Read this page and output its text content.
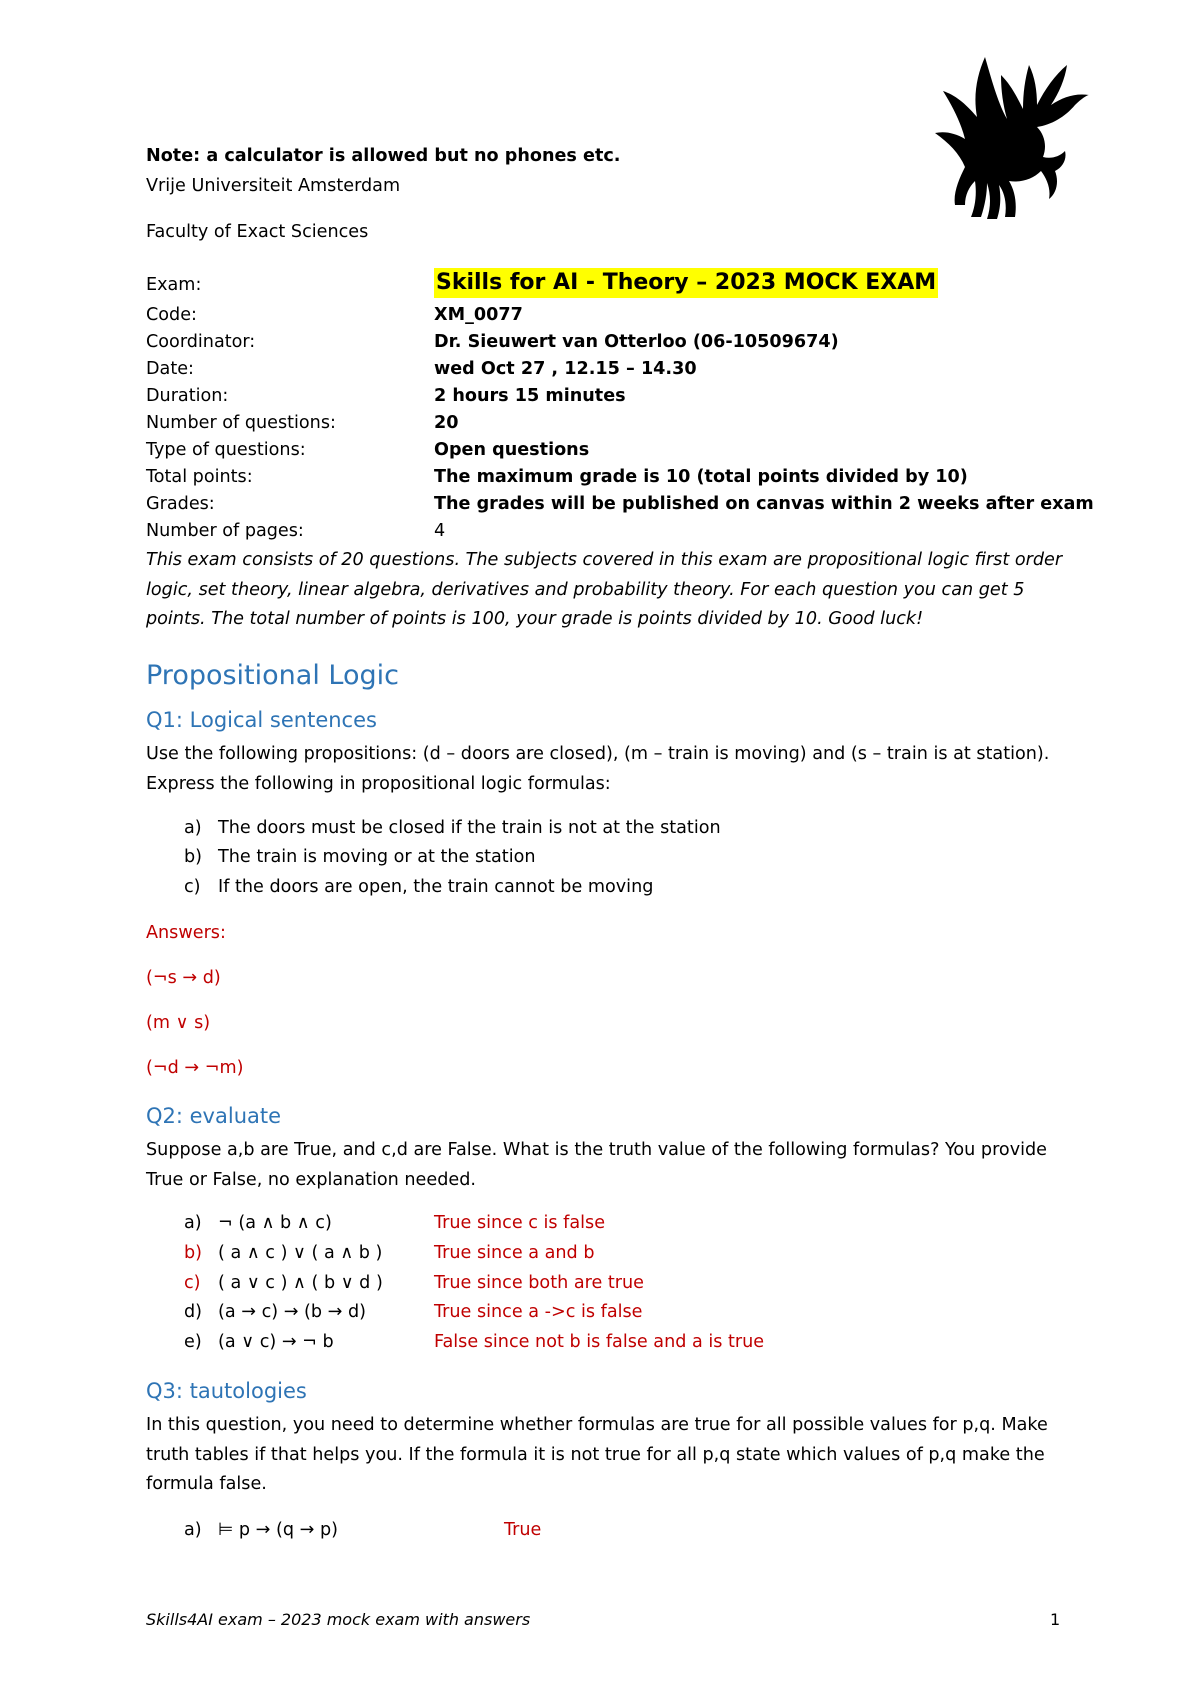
Note: a calculator is allowed but no phones etc.
Vrije Universiteit Amsterdam
Faculty of Exact Sciences
Exam:	Skills for AI - Theory – 2023 MOCK EXAM
Code:	XM_0077
Coordinator:	Dr. Sieuwert van Otterloo (06-10509674)
Date:	wed Oct 27 , 12.15 – 14.30
Duration:	2 hours 15 minutes
Number of questions:	20
Type of questions:	Open questions
Total points:	The maximum grade is 10 (total points divided by 10)
Grades:	The grades will be published on canvas within 2 weeks after exam
Number of pages:	4
This exam consists of 20 questions. The subjects covered in this exam are propositional logic first order logic, set theory, linear algebra, derivatives and probability theory. For each question you can get 5 points. The total number of points is 100, your grade is points divided by 10. Good luck!
Propositional Logic
Q1: Logical sentences
Use the following propositions: (d – doors are closed), (m – train is moving) and (s – train is at station). Express the following in propositional logic formulas:
a) The doors must be closed if the train is not at the station
b) The train is moving or at the station
c) If the doors are open, the train cannot be moving
Answers:
(¬s → d)
(m ∨ s)
(¬d → ¬m)
Q2: evaluate
Suppose a,b are True, and c,d are False. What is the truth value of the following formulas? You provide True or False, no explanation needed.
a) ¬ (a ∧ b ∧ c)	True since c is false
b) ( a ∧ c ) ∨ ( a ∧ b )	True since a and b
c) ( a ∨ c ) ∧ ( b ∨ d )	True since both are true
d) (a → c) → (b → d)	True since a ->c is false
e) (a ∨ c) → ¬ b	False since not b is false and a is true
Q3: tautologies
In this question, you need to determine whether formulas are true for all possible values for p,q. Make truth tables if that helps you. If the formula it is not true for all p,q state which values of p,q make the formula false.
a) ⊨ p → (q → p)	True
Skills4AI exam – 2023 mock exam with answers	1
